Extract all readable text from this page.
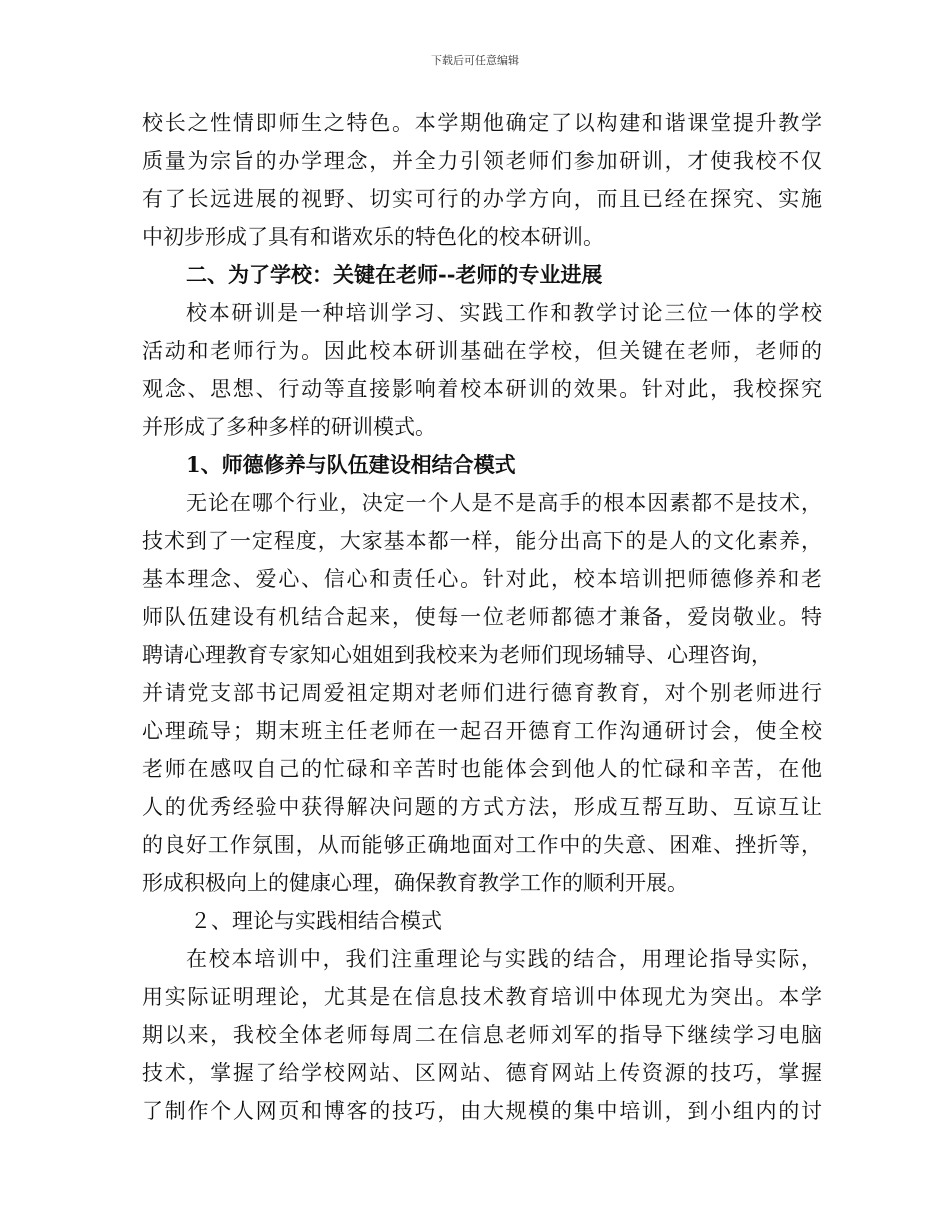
下载后可任意编辑
校长之性情即师生之特色。本学期他确定了以构建和谐课堂提升教学
质量为宗旨的办学理念，并全力引领老师们参加研训，才使我校不仅
有了长远进展的视野、切实可行的办学方向，而且已经在探究、实施
中初步形成了具有和谐欢乐的特色化的校本研训。
二、为了学校：关键在老师--老师的专业进展
校本研训是一种培训学习、实践工作和教学讨论三位一体的学校
活动和老师行为。因此校本研训基础在学校，但关键在老师，老师的
观念、思想、行动等直接影响着校本研训的效果。针对此，我校探究
并形成了多种多样的研训模式。
1、师德修养与队伍建设相结合模式
无论在哪个行业，决定一个人是不是高手的根本因素都不是技术，
技术到了一定程度，大家基本都一样，能分出高下的是人的文化素养，
基本理念、爱心、信心和责任心。针对此，校本培训把师德修养和老
师队伍建设有机结合起来，使每一位老师都德才兼备，爱岗敬业。特
聘请心理教育专家知心姐姐到我校来为老师们现场辅导、心理咨询，
并请党支部书记周爱祖定期对老师们进行德育教育，对个别老师进行
心理疏导；期末班主任老师在一起召开德育工作沟通研讨会，使全校
老师在感叹自己的忙碌和辛苦时也能体会到他人的忙碌和辛苦，在他
人的优秀经验中获得解决问题的方式方法，形成互帮互助、互谅互让
的良好工作氛围，从而能够正确地面对工作中的失意、困难、挫折等，
形成积极向上的健康心理，确保教育教学工作的顺利开展。
２、理论与实践相结合模式
在校本培训中，我们注重理论与实践的结合，用理论指导实际，
用实际证明理论，尤其是在信息技术教育培训中体现尤为突出。本学
期以来，我校全体老师每周二在信息老师刘军的指导下继续学习电脑
技术，掌握了给学校网站、区网站、德育网站上传资源的技巧，掌握
了制作个人网页和博客的技巧，由大规模的集中培训，到小组内的讨
